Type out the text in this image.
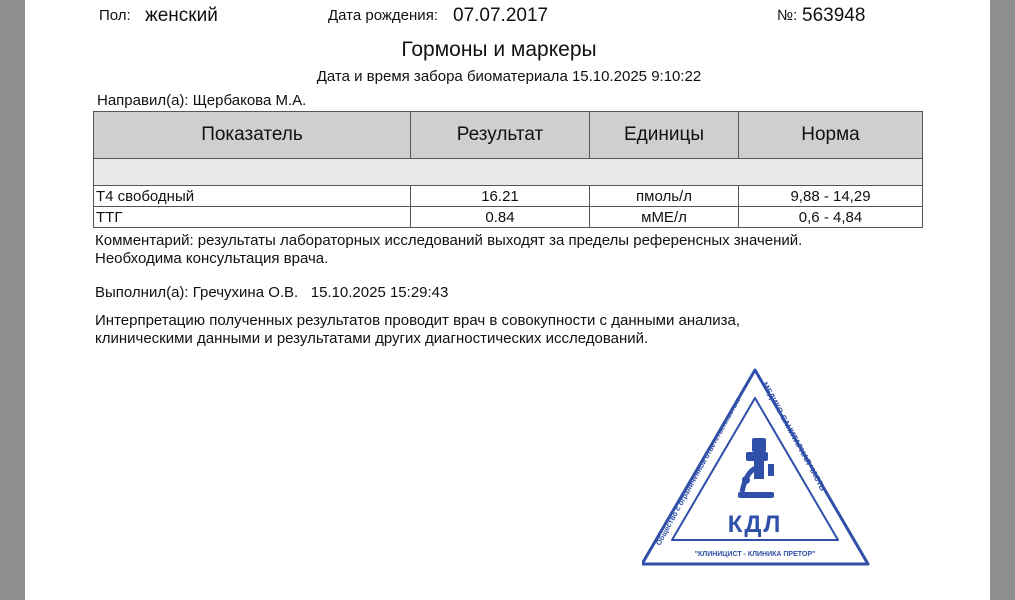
Пол: женский	Дата рождения: 07.07.2017	№: 563948
Гормоны и маркеры
Дата и время забора биоматериала 15.10.2025 9:10:22
Направил(а): Щербакова М.А.
Показатель	Результат	Единицы	Норма

Т4 свободный	16.21	пмоль/л	9,88 - 14,29
ТТГ	0.84	мМЕ/л	0,6 - 4,84
Комментарий: результаты лабораторных исследований выходят за пределы референсных значений.
Необходима консультация врача.
Выполнил(а): Гречухина О.В.   15.10.2025 15:29:43
Интерпретацию полученных результатов проводит врач в совокупности с данными анализа,
клиническими данными и результатами других диагностических исследований.
Общество с ограниченной ответственностью
МЕДИКО-САНИТАРНАЯ ЧАСТЬ
КДЛ
"КЛИНИЦИСТ - КЛИНИКА ПРЕТОР"
